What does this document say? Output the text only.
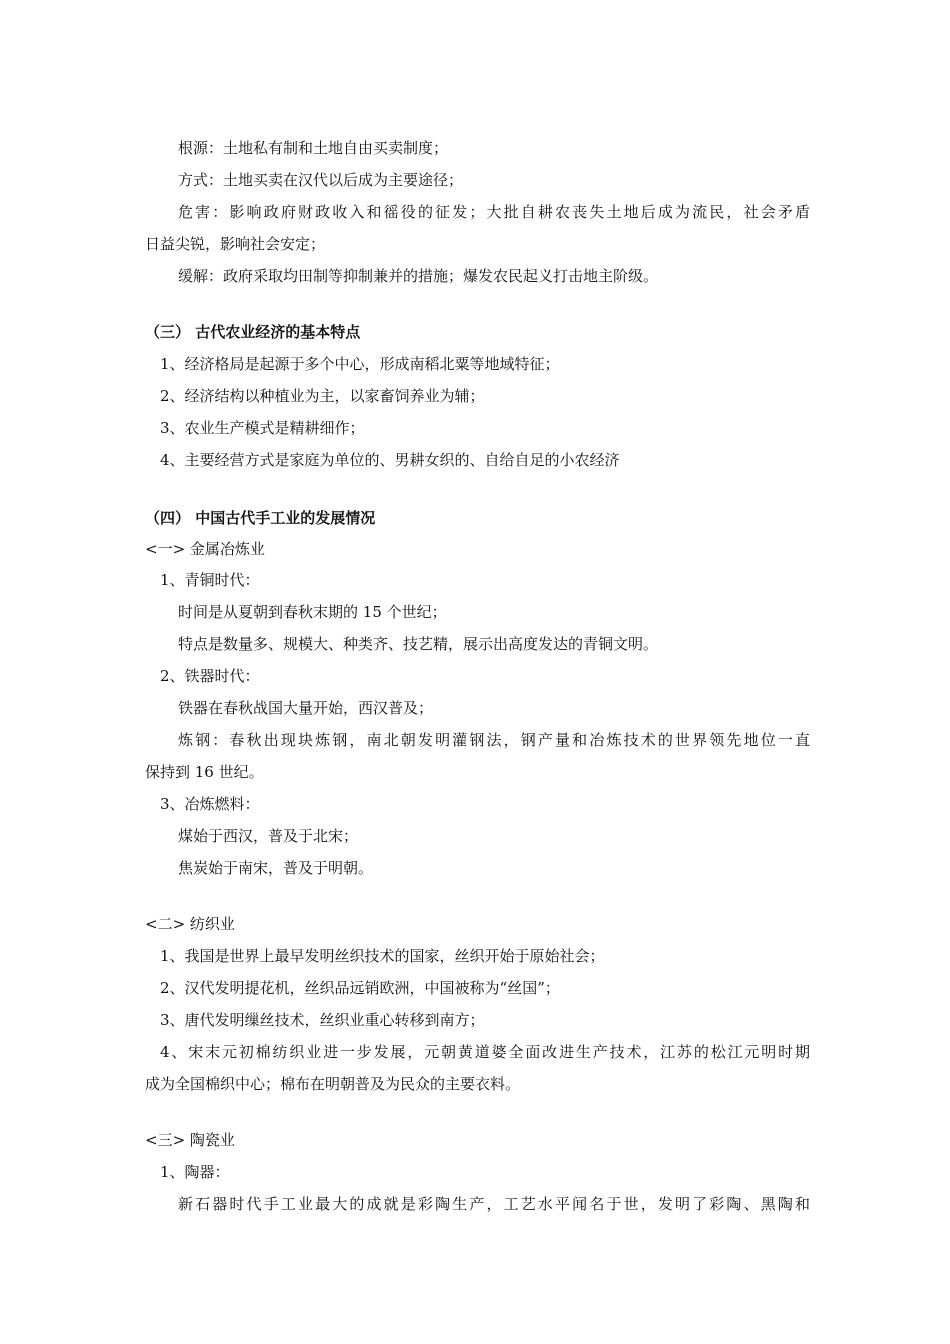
根源：土地私有制和土地自由买卖制度；
方式：土地买卖在汉代以后成为主要途径；
危害：影响政府财政收入和徭役的征发；大批自耕农丧失土地后成为流民，社会矛盾
日益尖锐，影响社会安定；
缓解：政府采取均田制等抑制兼并的措施；爆发农民起义打击地主阶级。
（三） 古代农业经济的基本特点
1、经济格局是起源于多个中心，形成南稻北粟等地域特征；
2、经济结构以种植业为主，以家畜饲养业为辅；
3、农业生产模式是精耕细作；
4、主要经营方式是家庭为单位的、男耕女织的、自给自足的小农经济
（四） 中国古代手工业的发展情况
<一> 金属冶炼业
1、青铜时代：
时间是从夏朝到春秋末期的 15 个世纪；
特点是数量多、规模大、种类齐、技艺精，展示出高度发达的青铜文明。
2、铁器时代：
铁器在春秋战国大量开始，西汉普及；
炼钢：春秋出现块炼钢，南北朝发明灌钢法，钢产量和冶炼技术的世界领先地位一直
保持到 16 世纪。
3、冶炼燃料：
煤始于西汉，普及于北宋；
焦炭始于南宋，普及于明朝。
<二> 纺织业
1、我国是世界上最早发明丝织技术的国家，丝织开始于原始社会；
2、汉代发明提花机，丝织品远销欧洲，中国被称为“丝国”；
3、唐代发明缫丝技术，丝织业重心转移到南方；
4、宋末元初棉纺织业进一步发展，元朝黄道婆全面改进生产技术，江苏的松江元明时期
成为全国棉织中心；棉布在明朝普及为民众的主要衣料。
<三> 陶瓷业
1、陶器：
新石器时代手工业最大的成就是彩陶生产，工艺水平闻名于世，发明了彩陶、黑陶和
